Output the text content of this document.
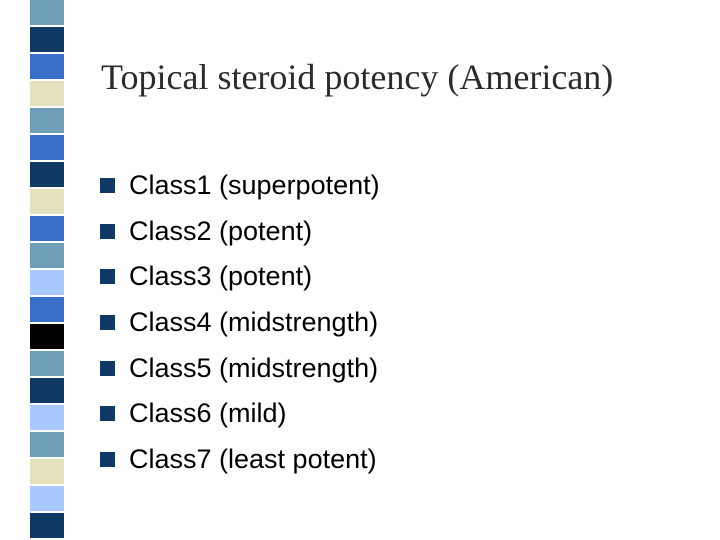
Topical steroid potency (American)
Class1 (superpotent)
Class2 (potent)
Class3 (potent)
Class4 (midstrength)
Class5 (midstrength)
Class6 (mild)
Class7 (least potent)
